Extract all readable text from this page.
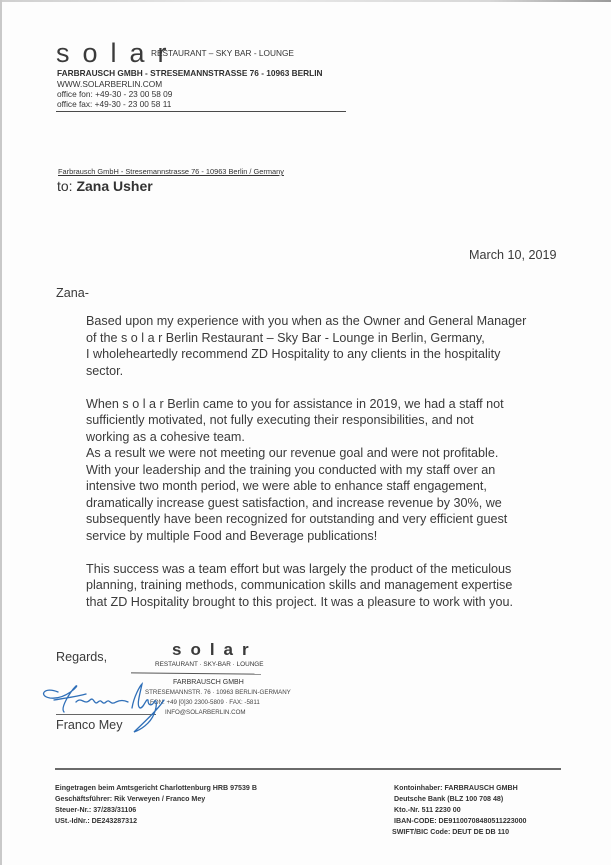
solar
RESTAURANT – SKY BAR - LOUNGE
FARBRAUSCH GMBH - STRESEMANNSTRASSE 76 - 10963 BERLIN
WWW.SOLARBERLIN.COM
office fon: +49-30 - 23 00 58 09
office fax: +49-30 - 23 00 58 11
Farbrausch GmbH - Stresemannstrasse 76 - 10963 Berlin / Germany
to: Zana Usher
March 10, 2019
Zana-
Based upon my experience with you when as the Owner and General Manager
of the s o l a r Berlin Restaurant – Sky Bar - Lounge in Berlin, Germany,
I wholeheartedly recommend ZD Hospitality to any clients in the hospitality
sector.
When s o l a r Berlin came to you for assistance in 2019, we had a staff not
sufficiently motivated, not fully executing their responsibilities, and not
working as a cohesive team.
As a result we were not meeting our revenue goal and were not profitable.
With your leadership and the training you conducted with my staff over an
intensive two month period, we were able to enhance staff engagement,
dramatically increase guest satisfaction, and increase revenue by 30%, we
subsequently have been recognized for outstanding and very efficient guest
service by multiple Food and Beverage publications!
This success was a team effort but was largely the product of the meticulous
planning, training methods, communication skills and management expertise
that ZD Hospitality brought to this project. It was a pleasure to work with you.
Regards,	solar
RESTAURANT · SKY-BAR · LOUNGE
FARBRAUSCH GMBH
STRESEMANNSTR. 76 · 10963 BERLIN-GERMANY
FON: +49 [0]30 2300-5809 · FAX: -5811
INFO@SOLARBERLIN.COM
Franco Mey
Eingetragen beim Amtsgericht Charlottenburg HRB 97539 B
Geschäftsführer: Rik Verweyen / Franco Mey
Steuer-Nr.: 37/283/31106
USt.-IdNr.: DE243287312
Kontoinhaber: FARBRAUSCH GMBH
Deutsche Bank (BLZ 100 708 48)
Kto.-Nr. 511 2230 00
IBAN-CODE: DE91100708480511223000
SWIFT/BIC Code: DEUT DE DB 110
